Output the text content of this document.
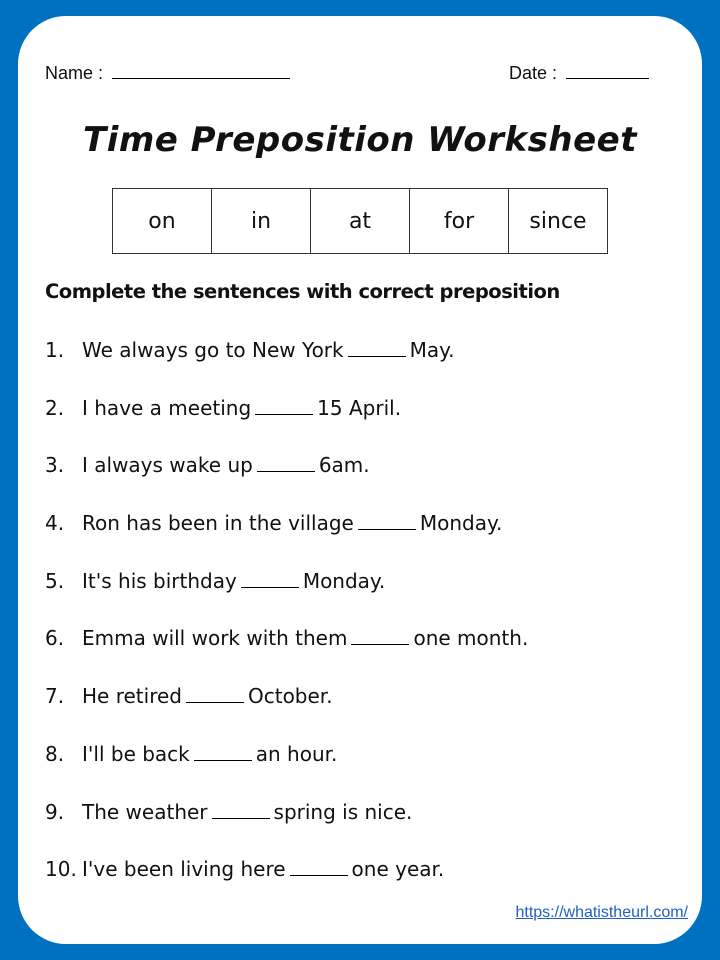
Name :	Date :
Time Preposition Worksheet
on	in	at	for	since
Complete the sentences with correct preposition
1. We always go to New York	May.
2. I have a meeting	15 April.
3. I always wake up	6am.
4. Ron has been in the village	Monday.
5. It's his birthday	Monday.
6. Emma will work with them	one month.
7. He retired	October.
8. I'll be back	an hour.
9. The weather	spring is nice.
10. I've been living here	one year.
https://whatistheurl.com/
